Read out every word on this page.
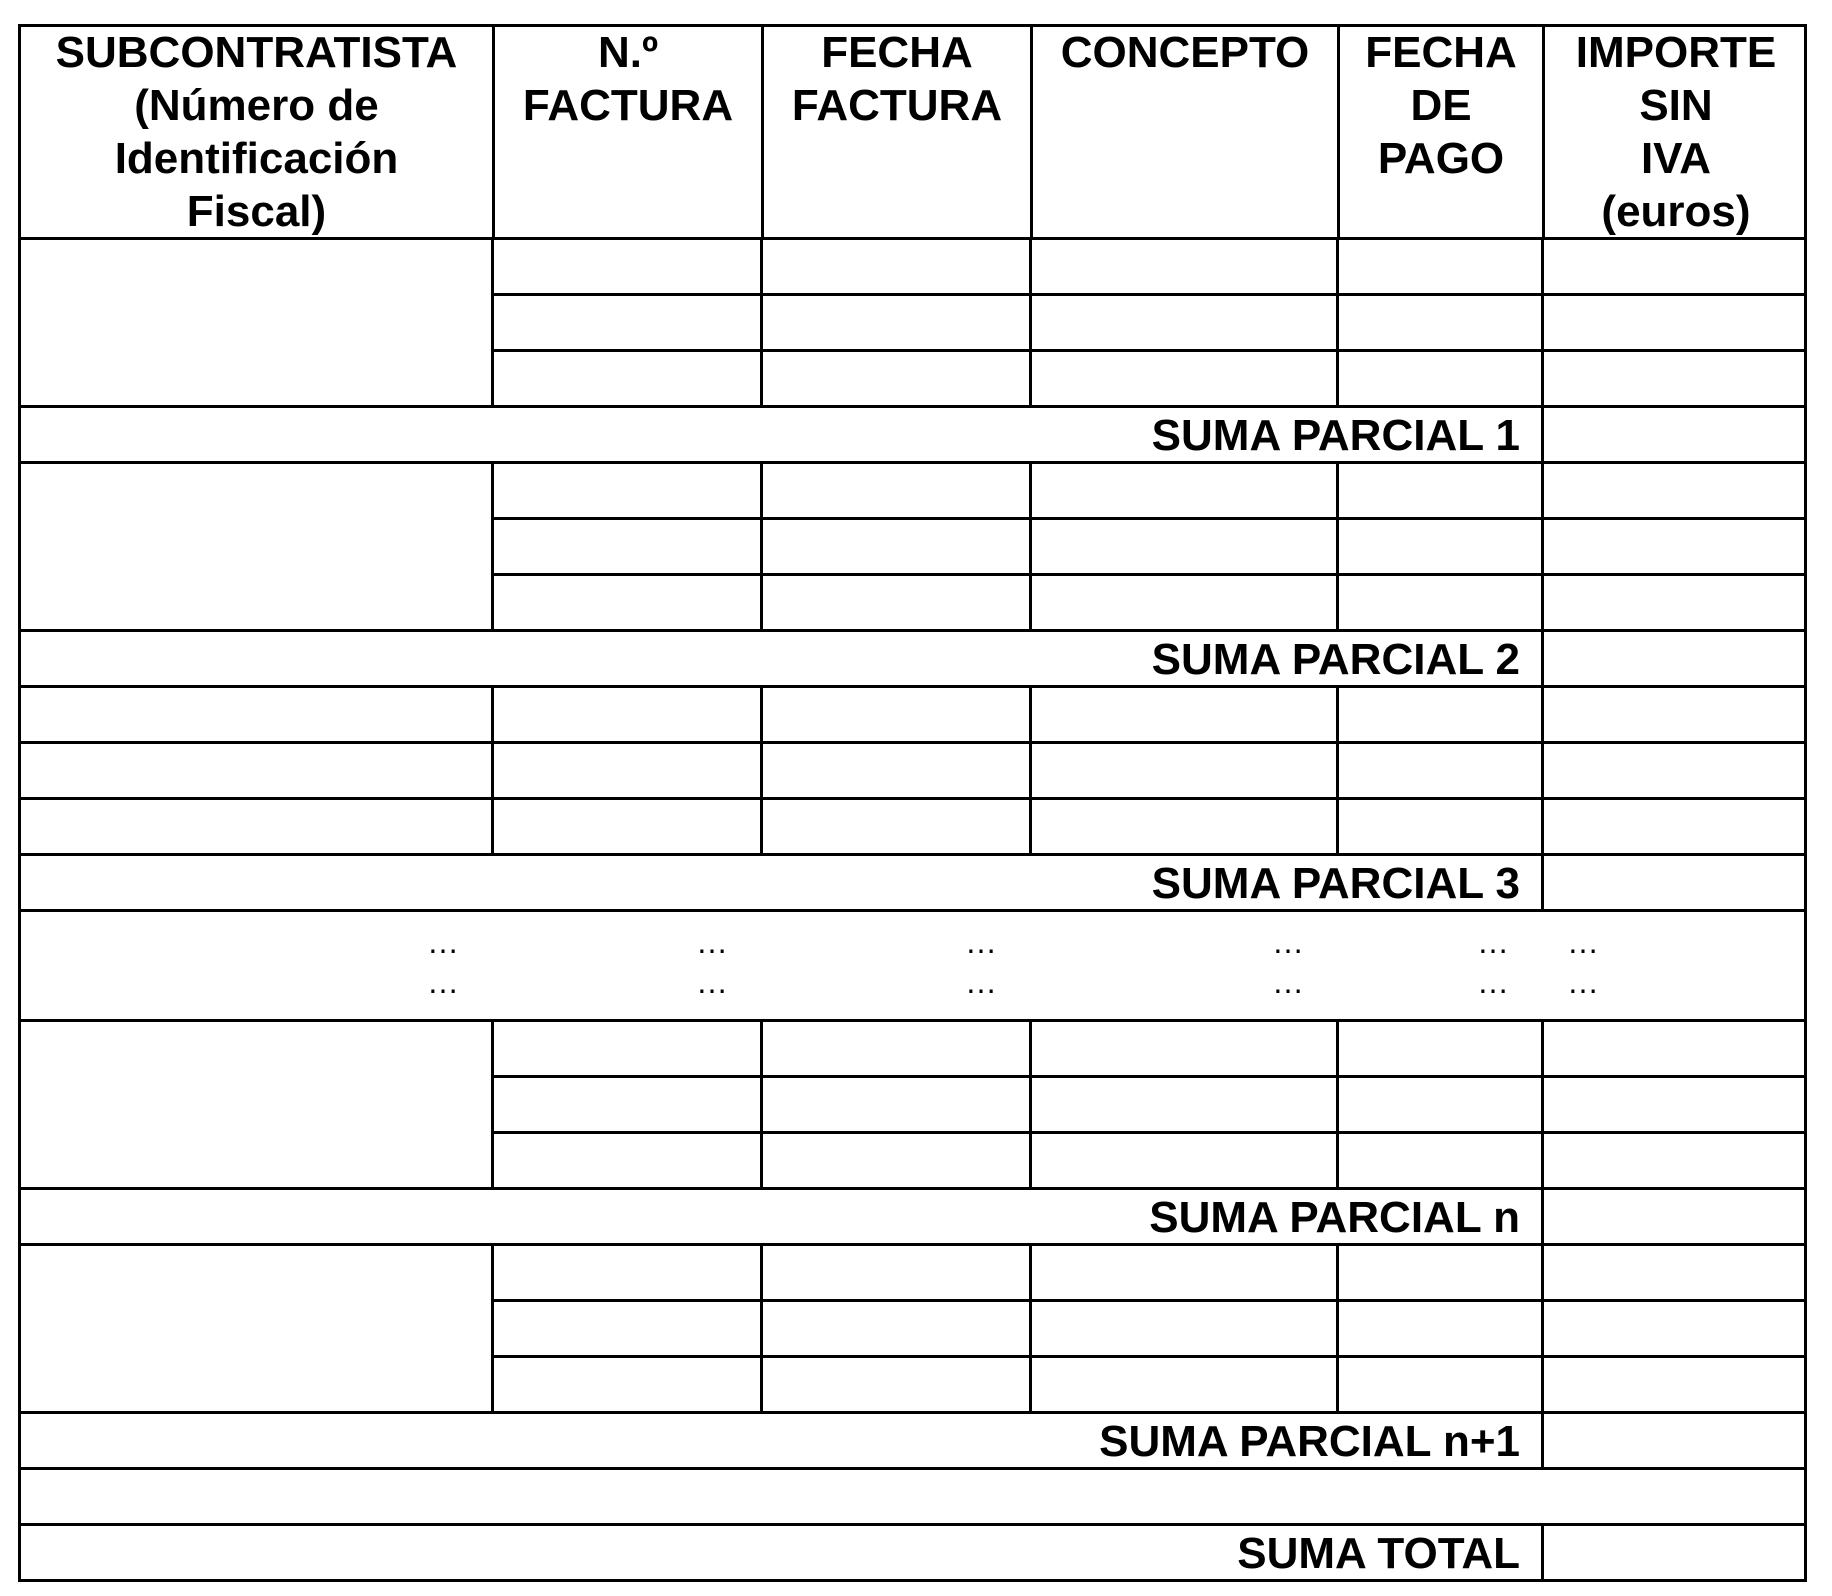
SUBCONTRATISTA
(Número de
Identificación
Fiscal)
N.º
FACTURA
FECHA
FACTURA
CONCEPTO	FECHA
DE
PAGO
IMPORTE
SIN
IVA
(euros)
SUMA PARCIAL 1
SUMA PARCIAL 2
SUMA PARCIAL 3
…
…
…
…
…
…
…
…
…
…
…
…
SUMA PARCIAL n
SUMA PARCIAL n+1
SUMA TOTAL
